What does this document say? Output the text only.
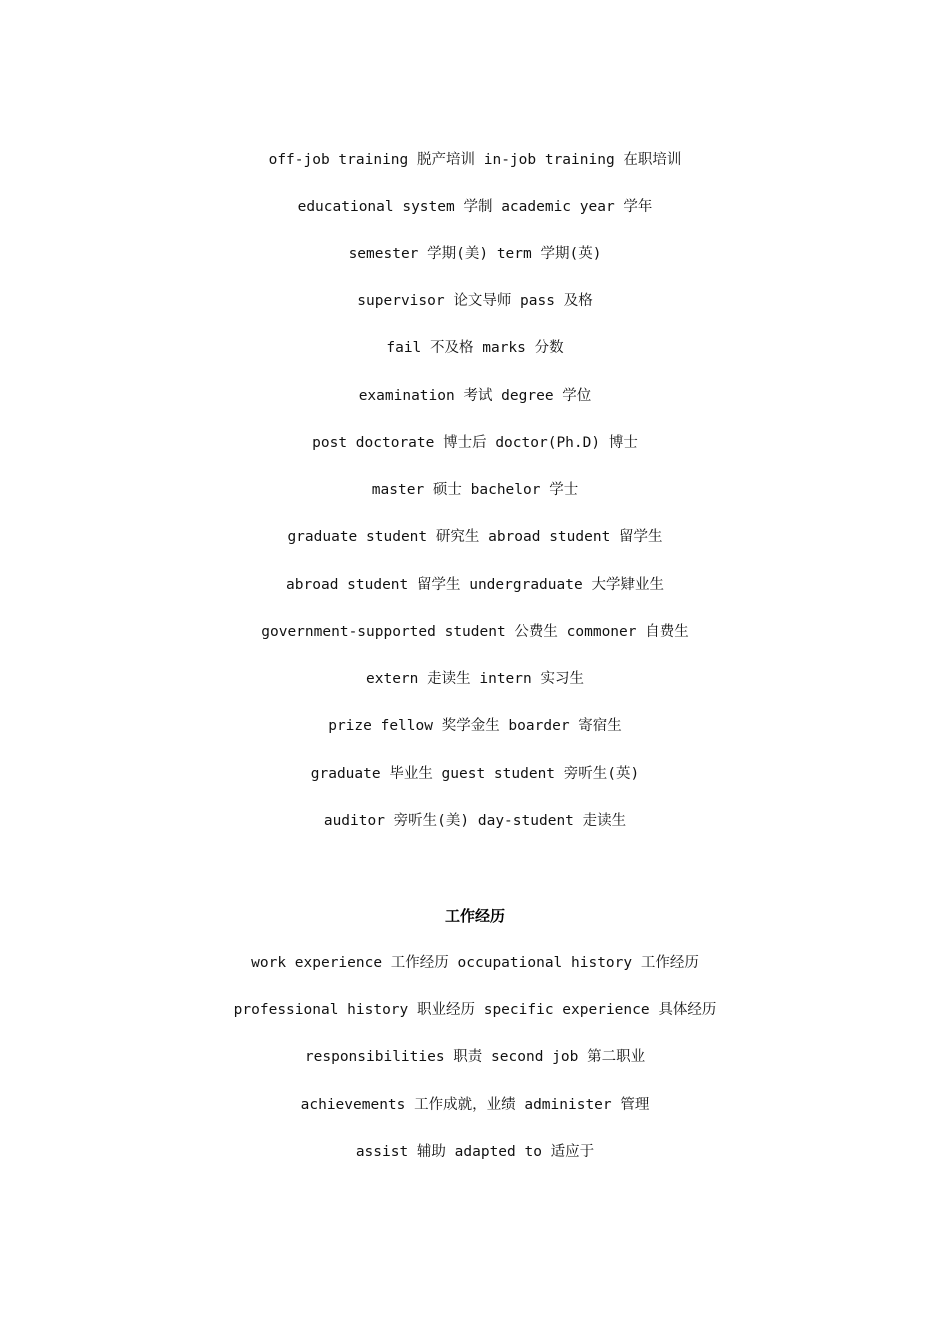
off-job training 脱产培训 in-job training 在职培训
educational system 学制 academic year 学年
semester 学期(美) term 学期(英)
supervisor 论文导师 pass 及格
fail 不及格 marks 分数
examination 考试 degree 学位
post doctorate 博士后 doctor(Ph.D) 博士
master 硕士 bachelor 学士
graduate student 研究生 abroad student 留学生
abroad student 留学生 undergraduate 大学肄业生
government-supported student 公费生 commoner 自费生
extern 走读生 intern 实习生
prize fellow 奖学金生 boarder 寄宿生
graduate 毕业生 guest student 旁听生(英)
auditor 旁听生(美) day-student 走读生
工作经历
work experience 工作经历 occupational history 工作经历
professional history 职业经历 specific experience 具体经历
responsibilities 职责 second job 第二职业
achievements 工作成就，业绩 administer 管理
assist 辅助 adapted to 适应于
